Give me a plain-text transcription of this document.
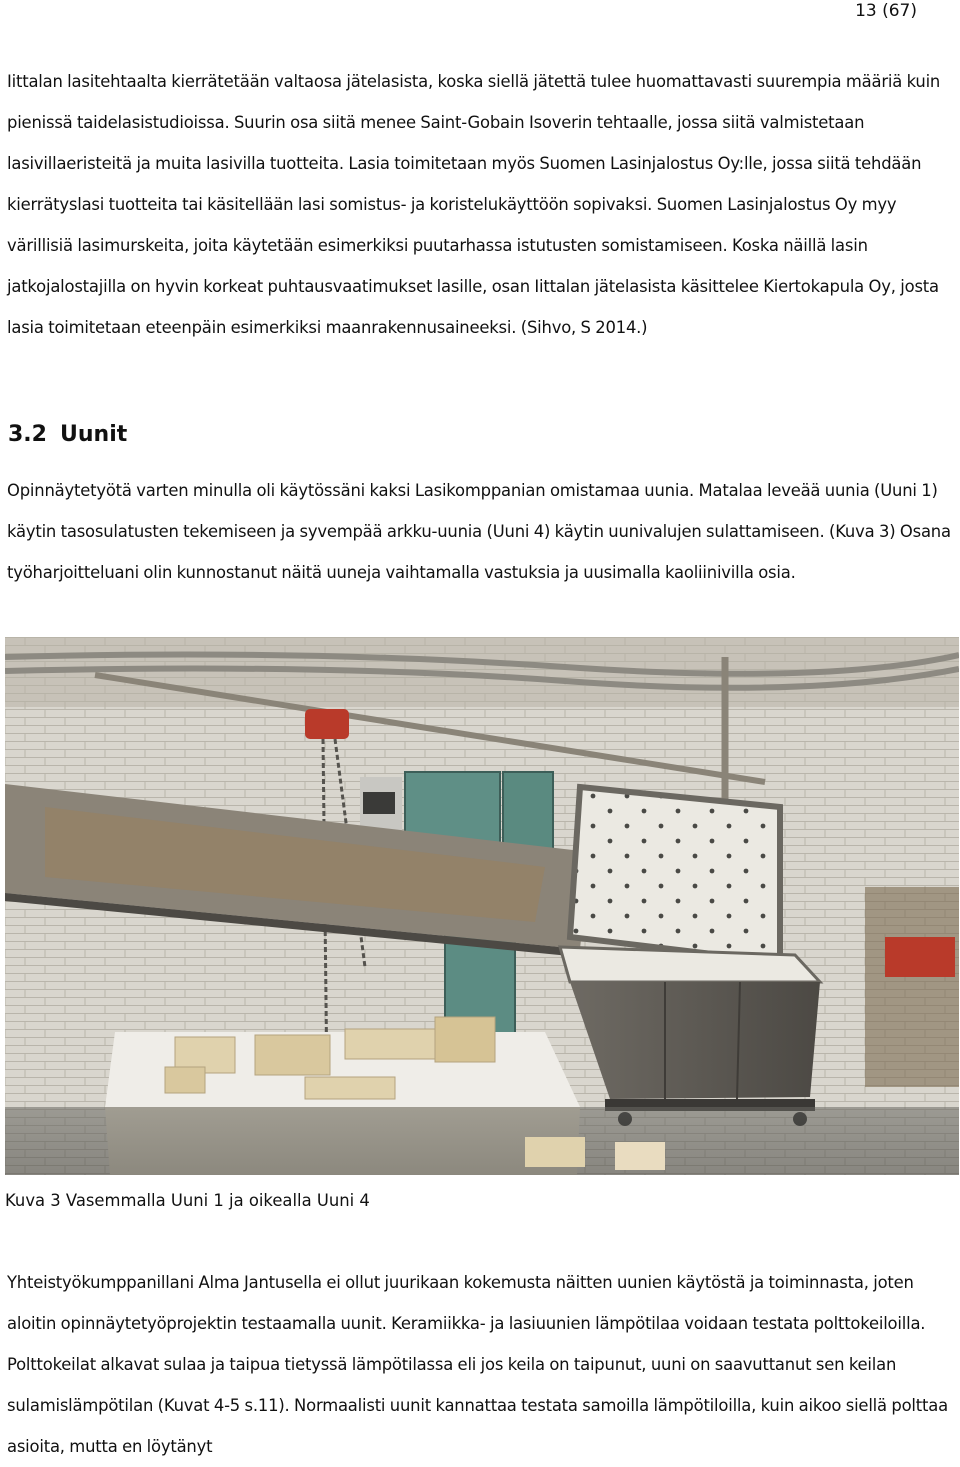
13 (67)

Iittalan lasitehtaalta kierrätetään valtaosa jätelasista, koska siellä jätettä tulee huomattavasti suurempia määriä kuin pienissä taidelasistudioissa. Suurin osa siitä menee Saint-Gobain Isoverin tehtaalle, jossa siitä valmistetaan lasivillaeristeitä ja muita lasivilla tuotteita. Lasia toimitetaan myös Suomen Lasinjalostus Oy:lle, jossa siitä tehdään kierrätyslasi tuotteita tai käsitellään lasi somistus- ja koristelukäyttöön sopivaksi. Suomen Lasinjalostus Oy myy värillisiä lasimurskeita, joita käytetään esimerkiksi puutarhassa istutusten somistamiseen. Koska näillä lasin jatkojalostajilla on hyvin korkeat puhtausvaatimukset lasille, osan Iittalan jätelasista käsittelee Kiertokapula Oy, josta lasia toimitetaan eteenpäin esimerkiksi maanrakennusaineeksi. (Sihvo, S 2014.)

3.2 Uunit

Opinnäytetyötä varten minulla oli käytössäni kaksi Lasikomppanian omistamaa uunia. Matalaa leveää uunia (Uuni 1) käytin tasosulatusten tekemiseen ja syvempää arkku-uunia (Uuni 4) käytin uunivalujen sulattamiseen. (Kuva 3) Osana työharjoitteluani olin kunnostanut näitä uuneja vaihtamalla vastuksia ja uusimalla kaoliinivilla osia.

Kuva 3 Vasemmalla Uuni 1 ja oikealla Uuni 4

Yhteistyökumppanillani Alma Jantusella ei ollut juurikaan kokemusta näitten uunien käytöstä ja toiminnasta, joten aloitin opinnäytetyöprojektin testaamalla uunit. Keramiikka- ja lasiuunien lämpötilaa voidaan testata polttokeiloilla. Polttokeilat alkavat sulaa ja taipua tietyssä lämpötilassa eli jos keila on taipunut, uuni on saavuttanut sen keilan sulamislämpötilan (Kuvat 4-5 s.11). Normaalisti uunit kannattaa testata samoilla lämpötiloilla, kuin aikoo siellä polttaa asioita, mutta en löytänyt
